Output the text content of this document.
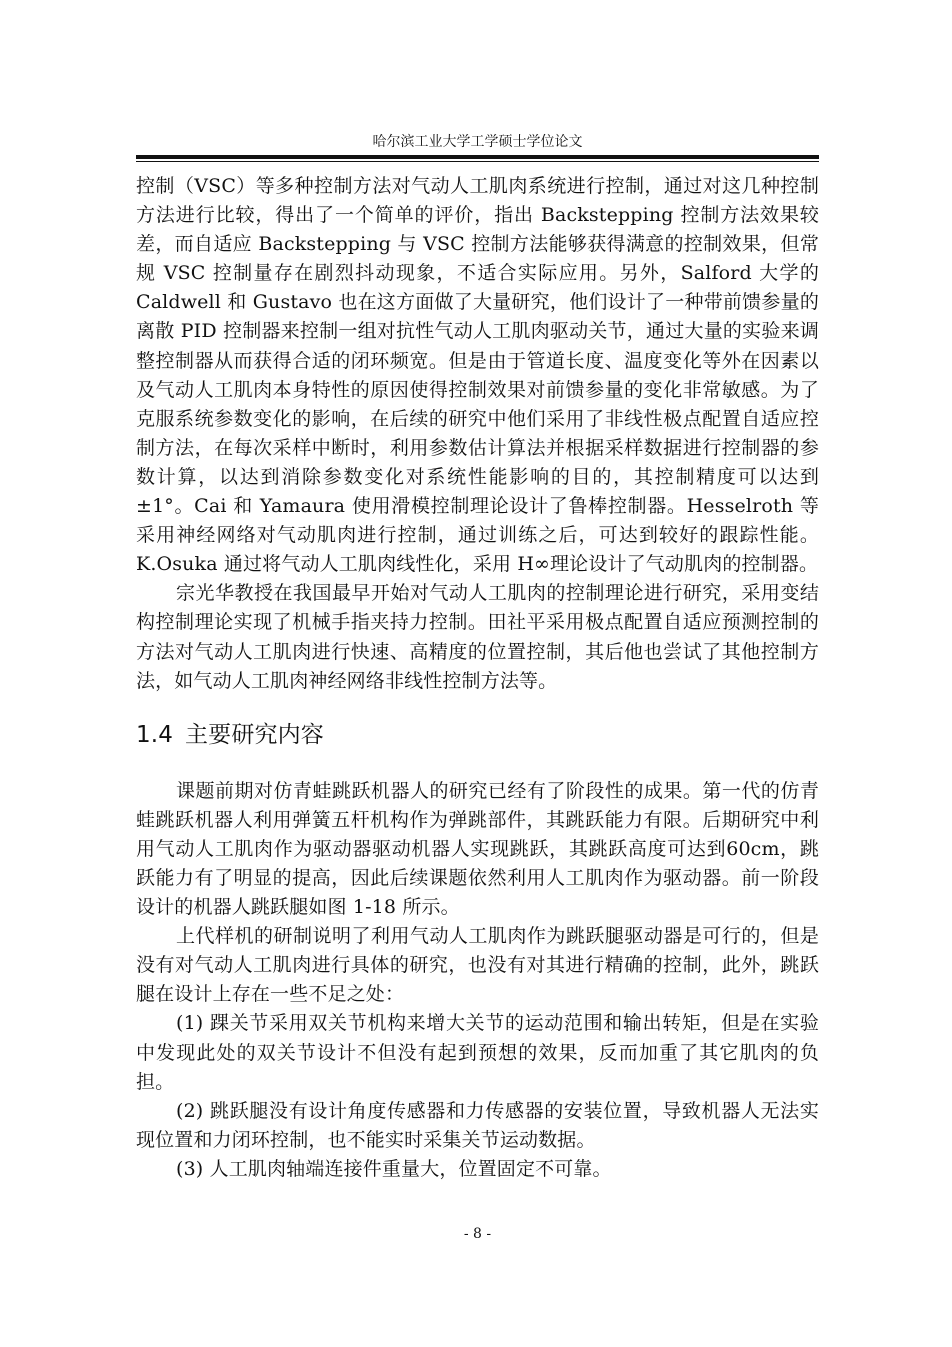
哈尔滨工业大学工学硕士学位论文

控制（VSC）等多种控制方法对气动人工肌肉系统进行控制，通过对这几种控制方法进行比较，得出了一个简单的评价，指出 Backstepping 控制方法效果较差，而自适应 Backstepping 与 VSC 控制方法能够获得满意的控制效果，但常规 VSC 控制量存在剧烈抖动现象，不适合实际应用。另外，Salford 大学的 Caldwell 和 Gustavo 也在这方面做了大量研究，他们设计了一种带前馈参量的离散 PID 控制器来控制一组对抗性气动人工肌肉驱动关节，通过大量的实验来调整控制器从而获得合适的闭环频宽。但是由于管道长度、温度变化等外在因素以及气动人工肌肉本身特性的原因使得控制效果对前馈参量的变化非常敏感。为了克服系统参数变化的影响，在后续的研究中他们采用了非线性极点配置自适应控制方法，在每次采样中断时，利用参数估计算法并根据采样数据进行控制器的参数计算，以达到消除参数变化对系统性能影响的目的，其控制精度可以达到±1°。Cai 和 Yamaura 使用滑模控制理论设计了鲁棒控制器。Hesselroth 等采用神经网络对气动肌肉进行控制，通过训练之后，可达到较好的跟踪性能。K.Osuka 通过将气动人工肌肉线性化，采用 H∞理论设计了气动肌肉的控制器。

宗光华教授在我国最早开始对气动人工肌肉的控制理论进行研究，采用变结构控制理论实现了机械手指夹持力控制。田社平采用极点配置自适应预测控制的方法对气动人工肌肉进行快速、高精度的位置控制，其后他也尝试了其他控制方法，如气动人工肌肉神经网络非线性控制方法等。

1.4 主要研究内容

课题前期对仿青蛙跳跃机器人的研究已经有了阶段性的成果。第一代的仿青蛙跳跃机器人利用弹簧五杆机构作为弹跳部件，其跳跃能力有限。后期研究中利用气动人工肌肉作为驱动器驱动机器人实现跳跃，其跳跃高度可达到60cm，跳跃能力有了明显的提高，因此后续课题依然利用人工肌肉作为驱动器。前一阶段设计的机器人跳跃腿如图 1-18 所示。

上代样机的研制说明了利用气动人工肌肉作为跳跃腿驱动器是可行的，但是没有对气动人工肌肉进行具体的研究，也没有对其进行精确的控制，此外，跳跃腿在设计上存在一些不足之处：

(1) 踝关节采用双关节机构来增大关节的运动范围和输出转矩，但是在实验中发现此处的双关节设计不但没有起到预想的效果，反而加重了其它肌肉的负担。

(2) 跳跃腿没有设计角度传感器和力传感器的安装位置，导致机器人无法实现位置和力闭环控制，也不能实时采集关节运动数据。

(3) 人工肌肉轴端连接件重量大，位置固定不可靠。

- 8 -
